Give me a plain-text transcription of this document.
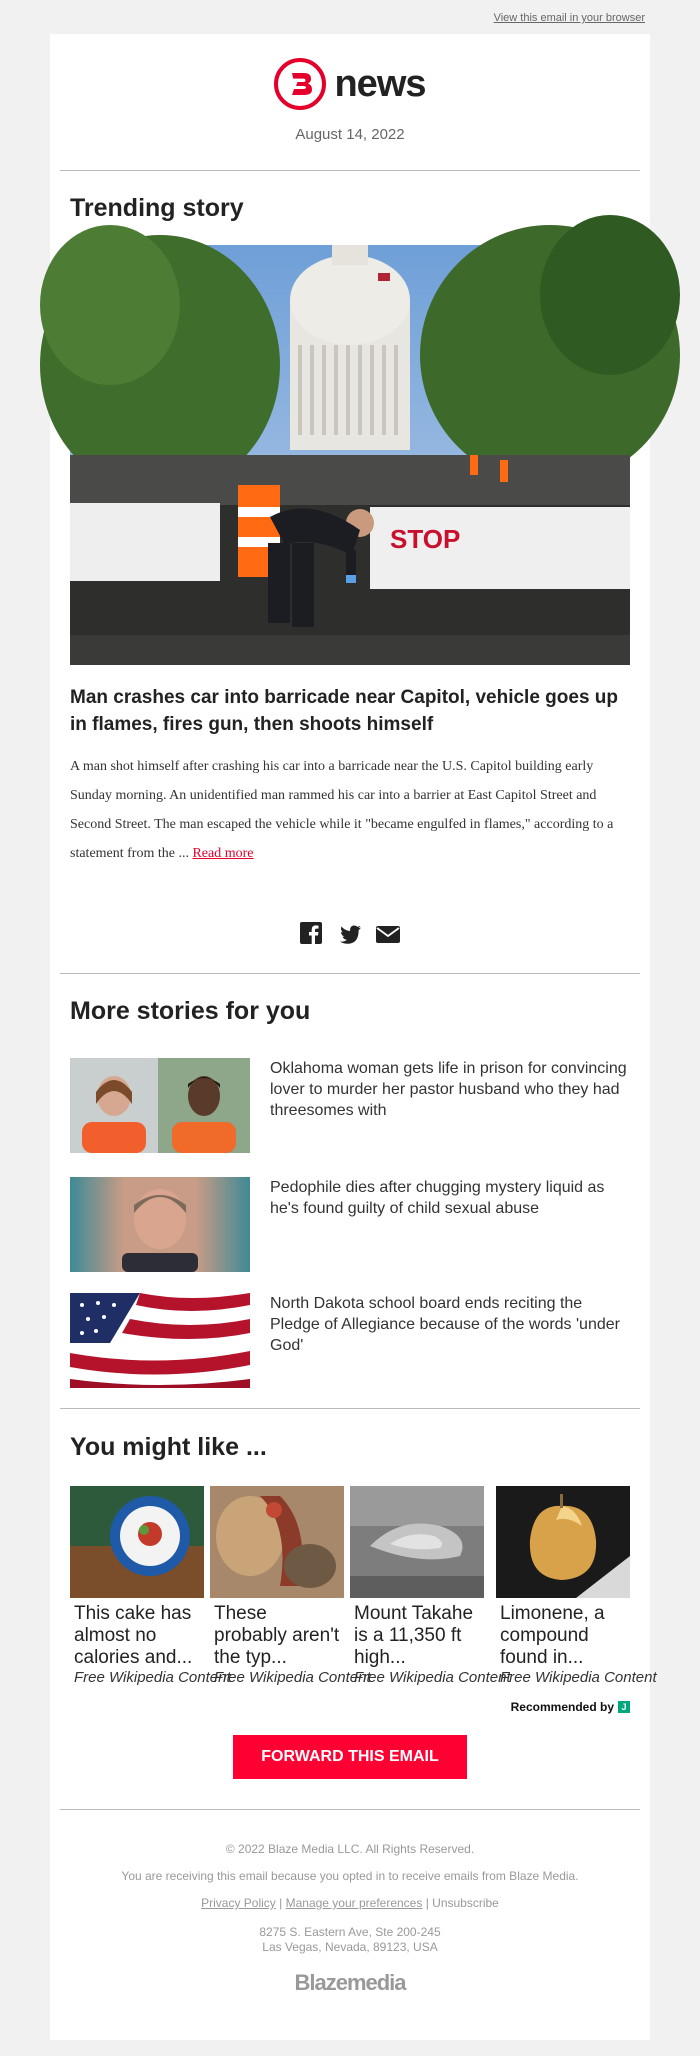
View this email in your browser
news
August 14, 2022
Trending story
STOP
Man crashes car into barricade near Capitol, vehicle goes up in flames, fires gun, then shoots himself
A man shot himself after crashing his car into a barricade near the U.S. Capitol building early Sunday morning. An unidentified man rammed his car into a barrier at East Capitol Street and Second Street. The man escaped the vehicle while it "became engulfed in flames," according to a statement from the ... Read more
More stories for you
Oklahoma woman gets life in prison for convincing lover to murder her pastor husband who they had threesomes with
Pedophile dies after chugging mystery liquid as he's found guilty of child sexual abuse
North Dakota school board ends reciting the Pledge of Allegiance because of the words 'under God'
You might like ...
This cake has almost no calories and...
Free Wikipedia Content
These probably aren't the typ...
Free Wikipedia Content
Mount Takahe is a 11,350 ft high...
Free Wikipedia Content
Limonene, a compound found in...
Free Wikipedia Content
Recommended by J
FORWARD THIS EMAIL
© 2022 Blaze Media LLC. All Rights Reserved.
You are receiving this email because you opted in to receive emails from Blaze Media.
Privacy Policy | Manage your preferences | Unsubscribe
8275 S. Eastern Ave, Ste 200-245
Las Vegas, Nevada, 89123, USA
Blazemedia
